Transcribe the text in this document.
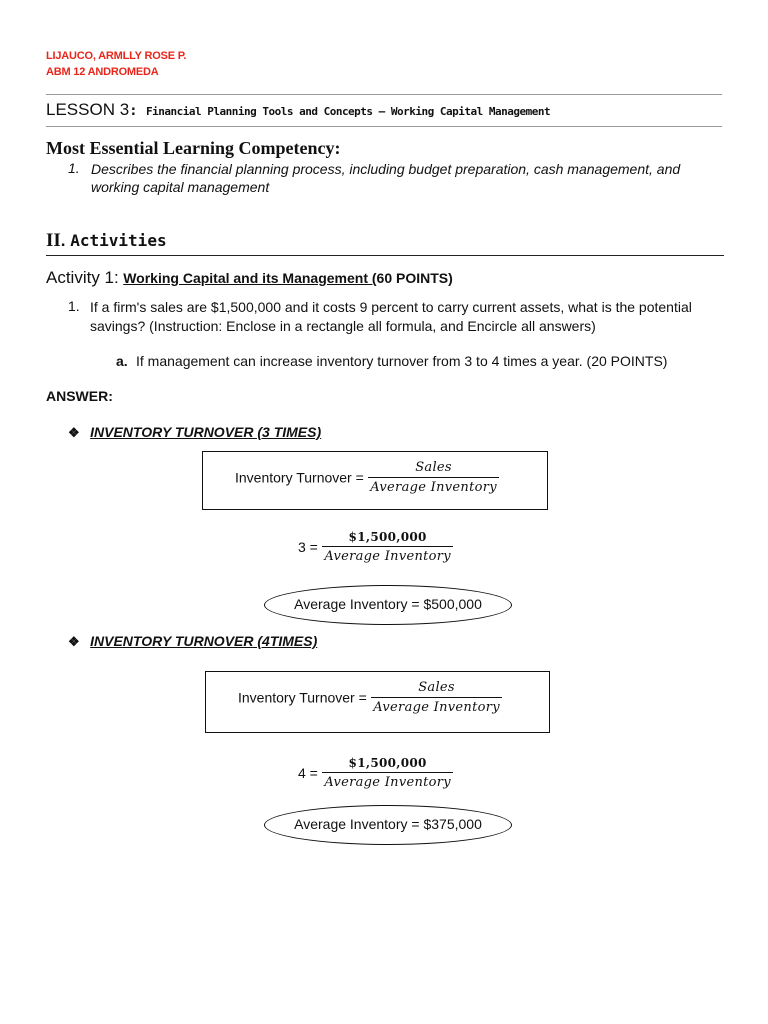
LIJAUCO, ARMLLY ROSE P.
ABM 12 ANDROMEDA
LESSON 3: Financial Planning Tools and Concepts – Working Capital Management
Most Essential Learning Competency:
1. Describes the financial planning process, including budget preparation, cash management, and working capital management
II. Activities
Activity 1: Working Capital and its Management (60 POINTS)
1. If a firm's sales are $1,500,000 and it costs 9 percent to carry current assets, what is the potential savings? (Instruction: Enclose in a rectangle all formula, and Encircle all answers)
a. If management can increase inventory turnover from 3 to 4 times a year. (20 POINTS)
ANSWER:
❖ INVENTORY TURNOVER (3 TIMES)
Inventory Turnover = $\frac{\text{Sales}}{\text{Average Inventory}}$
$3 = \frac{\$1,500,000}{\text{Average Inventory}}$
Average Inventory = $500,000
❖ INVENTORY TURNOVER (4TIMES)
Inventory Turnover = $\frac{\text{Sales}}{\text{Average Inventory}}$
$4 = \frac{\$1,500,000}{\text{Average Inventory}}$
Average Inventory = $375,000
